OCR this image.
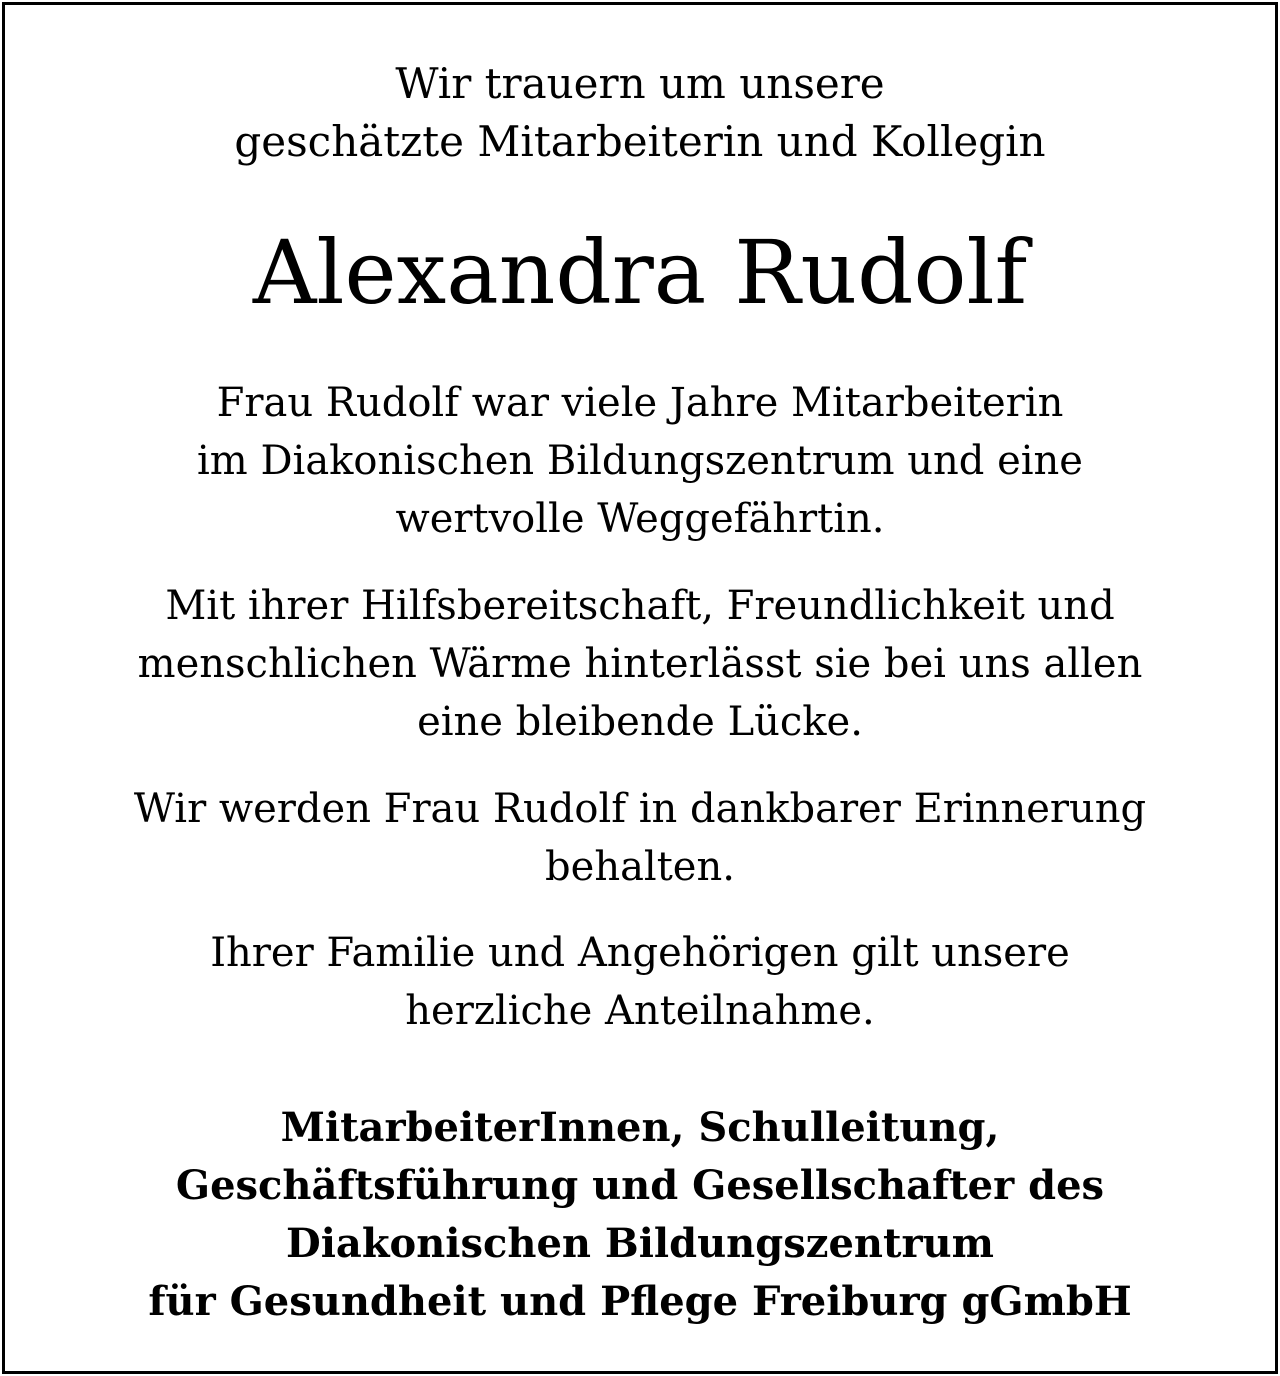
Wir trauern um unsere
geschätzte Mitarbeiterin und Kollegin
Alexandra Rudolf
Frau Rudolf war viele Jahre Mitarbeiterin
im Diakonischen Bildungszentrum und eine
wertvolle Weggefährtin.
Mit ihrer Hilfsbereitschaft, Freundlichkeit und
menschlichen Wärme hinterlässt sie bei uns allen
eine bleibende Lücke.
Wir werden Frau Rudolf in dankbarer Erinnerung
behalten.
Ihrer Familie und Angehörigen gilt unsere
herzliche Anteilnahme.
MitarbeiterInnen, Schulleitung,
Geschäftsführung und Gesellschafter des
Diakonischen Bildungszentrum
für Gesundheit und Pflege Freiburg gGmbH
